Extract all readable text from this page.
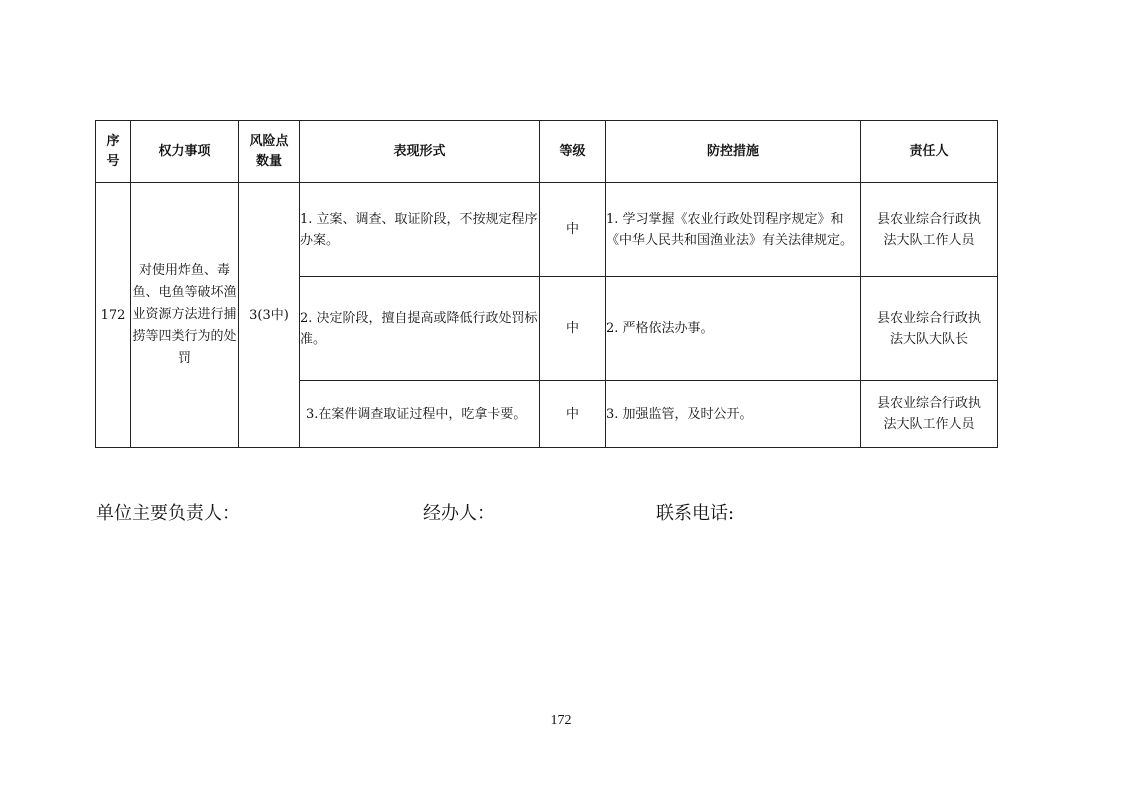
序号	权力事项	风险点数量	表现形式	等级	防控措施	责任人
172	对使用炸鱼、毒鱼、电鱼等破坏渔业资源方法进行捕捞等四类行为的处罚	3(3中)	1. 立案、调查、取证阶段，不按规定程序办案。	中	1. 学习掌握《农业行政处罚程序规定》和《中华人民共和国渔业法》有关法律规定。	县农业综合行政执法大队工作人员
			2. 决定阶段，擅自提高或降低行政处罚标准。	中	2. 严格依法办事。	县农业综合行政执法大队大队长
			3.在案件调查取证过程中，吃拿卡要。	中	3. 加强监管，及时公开。	县农业综合行政执法大队工作人员
单位主要负责人：	经办人：	联系电话:
172
